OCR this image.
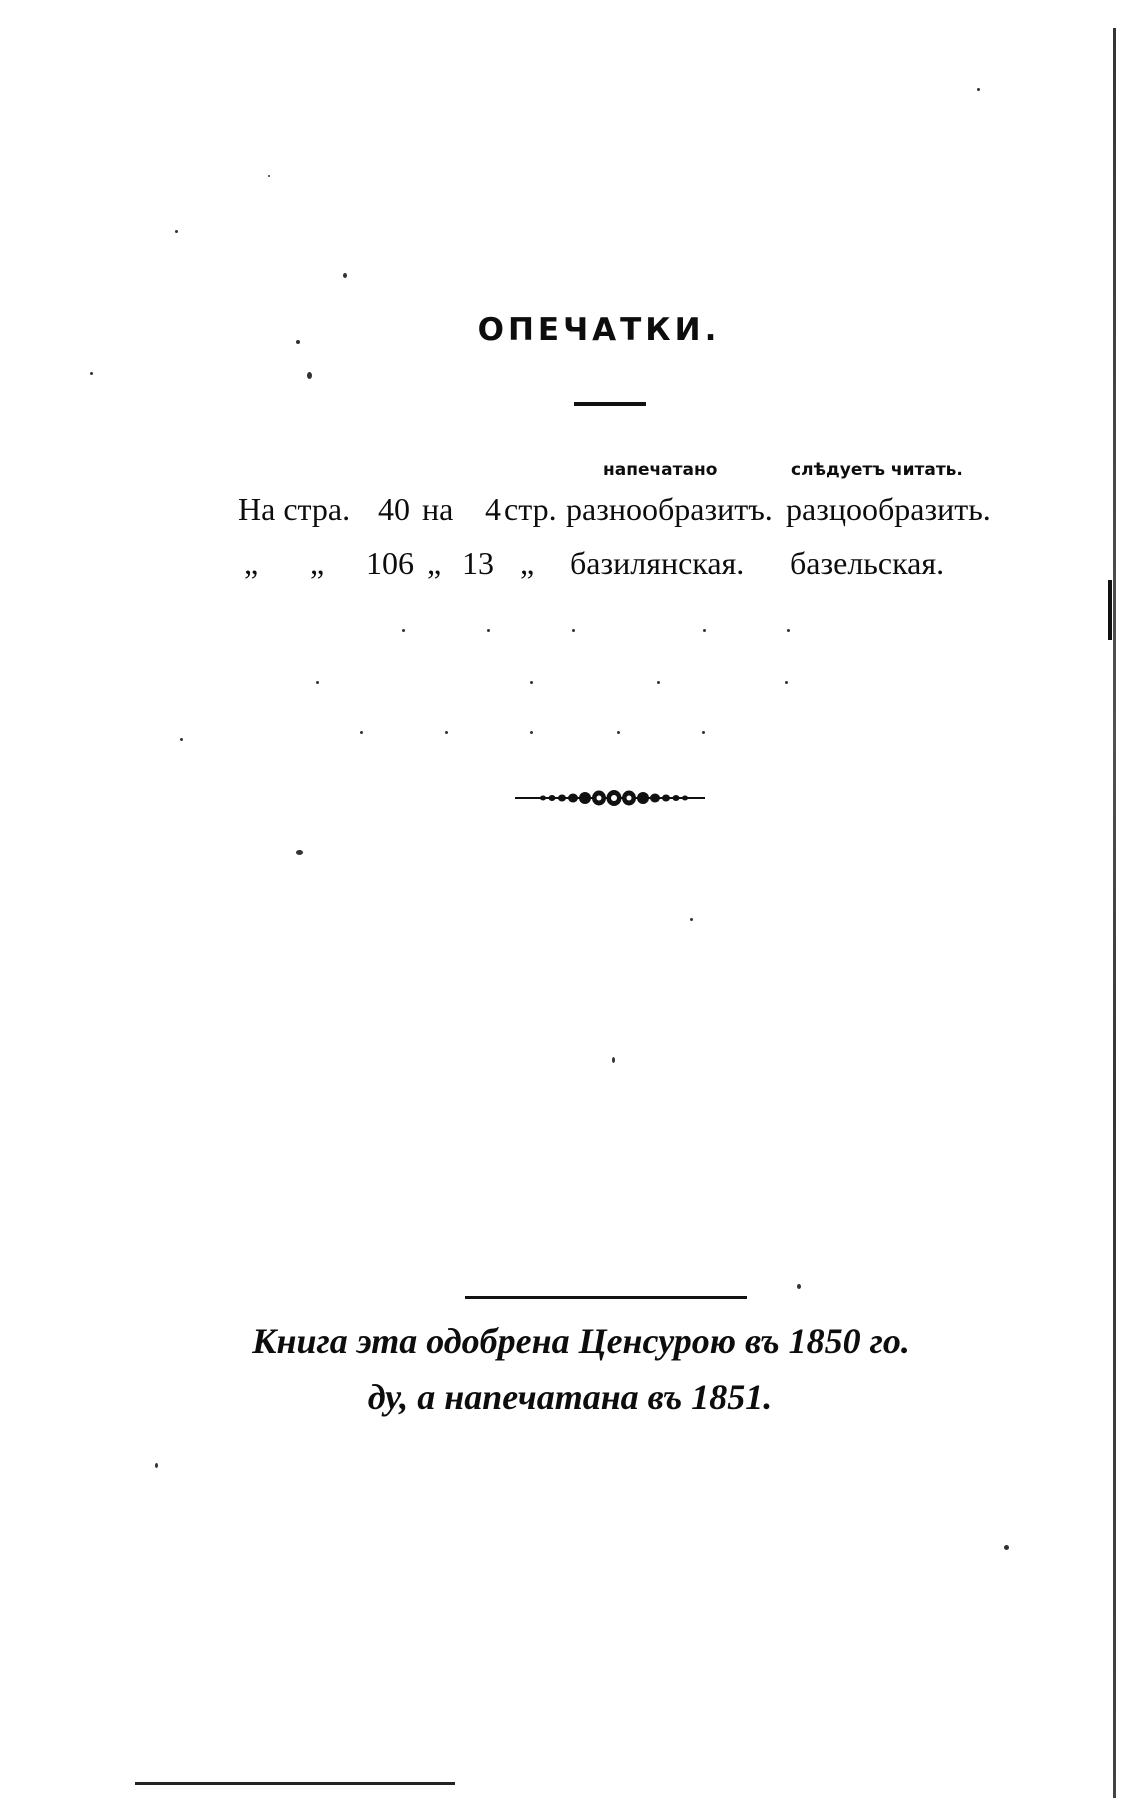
ОПЕЧАТКИ.
напечатано	слѣдуетъ читать.
На стра. 40 на 4 стр. разнообразитъ. разцообразить.
„ „ 106 „ 13 „ базилянская. базельская.
Книга эта одобрена Ценсурою въ 1850 го.
ду, а напечатана въ 1851.
